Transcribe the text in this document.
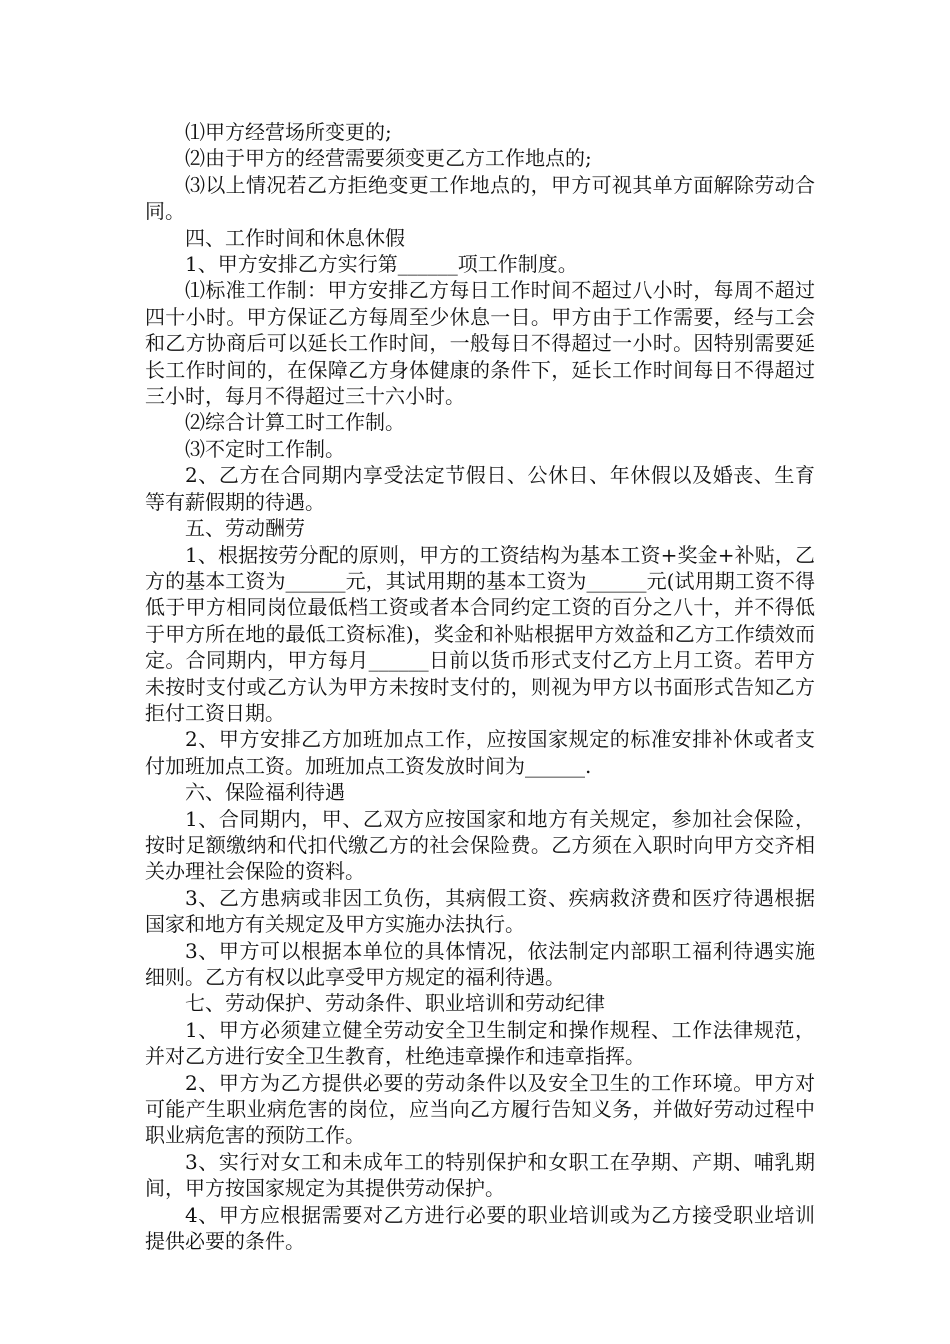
⑴甲方经营场所变更的;

⑵由于甲方的经营需要须变更乙方工作地点的;

⑶以上情况若乙方拒绝变更工作地点的，甲方可视其单方面解除劳动合同。

四、工作时间和休息休假

1、甲方安排乙方实行第______项工作制度。

⑴标准工作制：甲方安排乙方每日工作时间不超过八小时，每周不超过四十小时。甲方保证乙方每周至少休息一日。甲方由于工作需要，经与工会和乙方协商后可以延长工作时间，一般每日不得超过一小时。因特别需要延长工作时间的，在保障乙方身体健康的条件下，延长工作时间每日不得超过三小时，每月不得超过三十六小时。

⑵综合计算工时工作制。

⑶不定时工作制。

2、乙方在合同期内享受法定节假日、公休日、年休假以及婚丧、生育等有薪假期的待遇。

五、劳动酬劳

1、根据按劳分配的原则，甲方的工资结构为基本工资+奖金+补贴，乙方的基本工资为______元，其试用期的基本工资为______元(试用期工资不得低于甲方相同岗位最低档工资或者本合同约定工资的百分之八十，并不得低于甲方所在地的最低工资标准)，奖金和补贴根据甲方效益和乙方工作绩效而定。合同期内，甲方每月______日前以货币形式支付乙方上月工资。若甲方未按时支付或乙方认为甲方未按时支付的，则视为甲方以书面形式告知乙方拒付工资日期。

2、甲方安排乙方加班加点工作，应按国家规定的标准安排补休或者支付加班加点工资。加班加点工资发放时间为______.

六、保险福利待遇

1、合同期内，甲、乙双方应按国家和地方有关规定，参加社会保险，按时足额缴纳和代扣代缴乙方的社会保险费。乙方须在入职时向甲方交齐相关办理社会保险的资料。

3、乙方患病或非因工负伤，其病假工资、疾病救济费和医疗待遇根据国家和地方有关规定及甲方实施办法执行。

3、甲方可以根据本单位的具体情况，依法制定内部职工福利待遇实施细则。乙方有权以此享受甲方规定的福利待遇。

七、劳动保护、劳动条件、职业培训和劳动纪律

1、甲方必须建立健全劳动安全卫生制定和操作规程、工作法律规范，并对乙方进行安全卫生教育，杜绝违章操作和违章指挥。

2、甲方为乙方提供必要的劳动条件以及安全卫生的工作环境。甲方对可能产生职业病危害的岗位，应当向乙方履行告知义务，并做好劳动过程中职业病危害的预防工作。

3、实行对女工和未成年工的特别保护和女职工在孕期、产期、哺乳期间，甲方按国家规定为其提供劳动保护。

4、甲方应根据需要对乙方进行必要的职业培训或为乙方接受职业培训提供必要的条件。
